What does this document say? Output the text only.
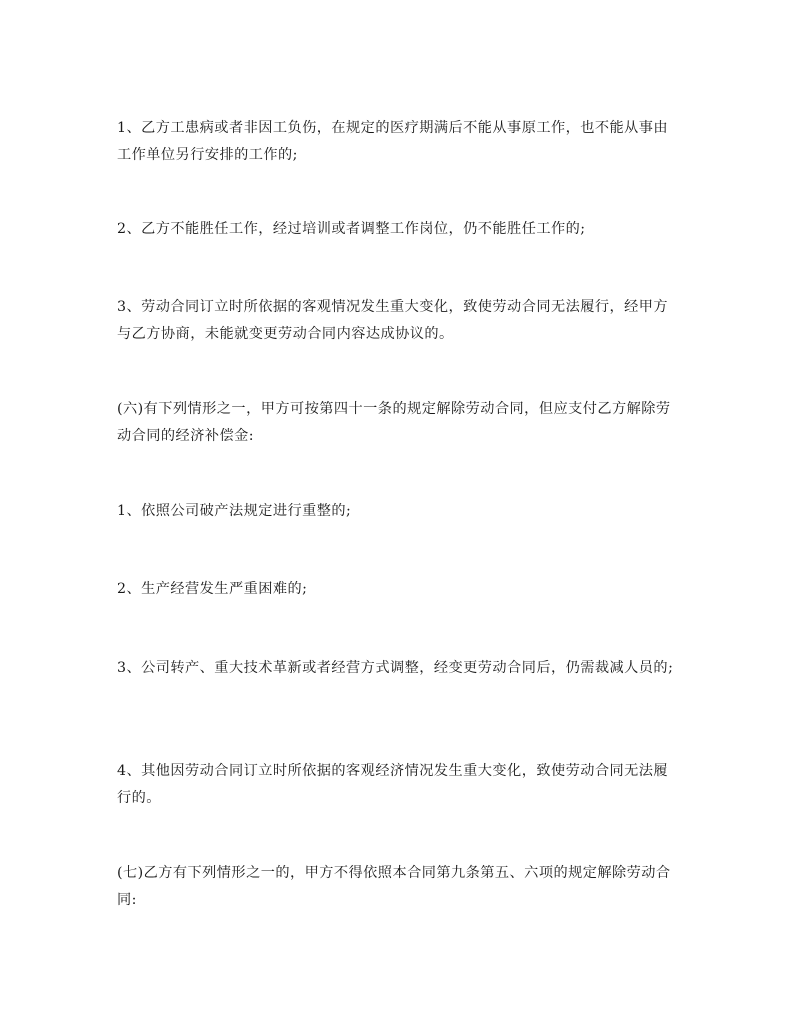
1、乙方工患病或者非因工负伤，在规定的医疗期满后不能从事原工作，也不能从事由工作单位另行安排的工作的;

2、乙方不能胜任工作，经过培训或者调整工作岗位，仍不能胜任工作的;

3、劳动合同订立时所依据的客观情况发生重大变化，致使劳动合同无法履行，经甲方与乙方协商，未能就变更劳动合同内容达成协议的。

(六)有下列情形之一，甲方可按第四十一条的规定解除劳动合同，但应支付乙方解除劳动合同的经济补偿金:

1、依照公司破产法规定进行重整的;

2、生产经营发生严重困难的;

3、公司转产、重大技术革新或者经营方式调整，经变更劳动合同后，仍需裁减人员的;

4、其他因劳动合同订立时所依据的客观经济情况发生重大变化，致使劳动合同无法履行的。

(七)乙方有下列情形之一的，甲方不得依照本合同第九条第五、六项的规定解除劳动合同:
